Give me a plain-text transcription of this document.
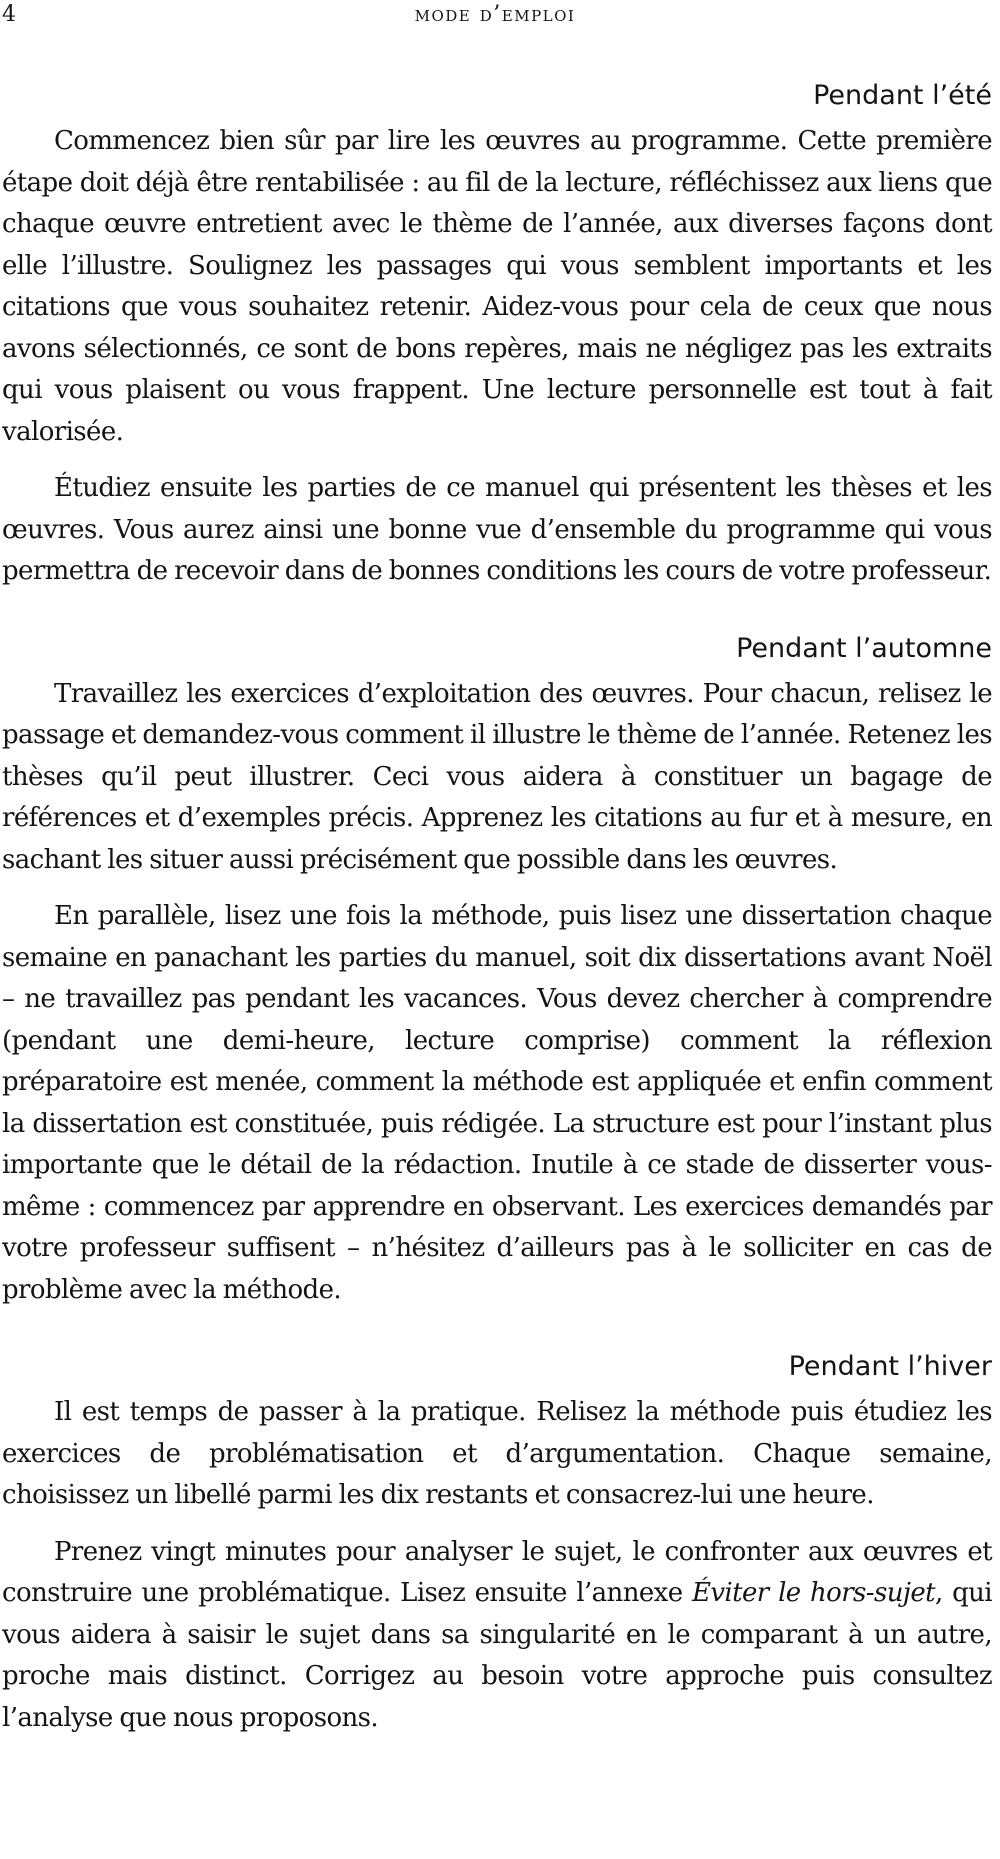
4	mode d’emploi
Pendant l’été

Commencez bien sûr par lire les œuvres au programme. Cette première étape doit déjà être rentabilisée : au fil de la lecture, réfléchissez aux liens que chaque œuvre entretient avec le thème de l’année, aux diverses façons dont elle l’illustre. Soulignez les passages qui vous semblent importants et les citations que vous souhaitez retenir. Aidez-vous pour cela de ceux que nous avons sélectionnés, ce sont de bons repères, mais ne négligez pas les extraits qui vous plaisent ou vous frappent. Une lecture personnelle est tout à fait valorisée.

Étudiez ensuite les parties de ce manuel qui présentent les thèses et les œuvres. Vous aurez ainsi une bonne vue d’ensemble du programme qui vous permettra de recevoir dans de bonnes conditions les cours de votre professeur.

Pendant l’automne

Travaillez les exercices d’exploitation des œuvres. Pour chacun, relisez le passage et demandez-vous comment il illustre le thème de l’année. Retenez les thèses qu’il peut illustrer. Ceci vous aidera à constituer un bagage de références et d’exemples précis. Apprenez les citations au fur et à mesure, en sachant les situer aussi précisément que possible dans les œuvres.

En parallèle, lisez une fois la méthode, puis lisez une dissertation chaque semaine en panachant les parties du manuel, soit dix dissertations avant Noël – ne travaillez pas pendant les vacances. Vous devez chercher à comprendre (pendant une demi-heure, lecture comprise) comment la réflexion préparatoire est menée, comment la méthode est appliquée et enfin comment la dissertation est constituée, puis rédigée. La structure est pour l’instant plus importante que le détail de la rédaction. Inutile à ce stade de disserter vous-même : commencez par apprendre en observant. Les exercices demandés par votre professeur suffisent – n’hésitez d’ailleurs pas à le solliciter en cas de problème avec la méthode.

Pendant l’hiver

Il est temps de passer à la pratique. Relisez la méthode puis étudiez les exercices de problématisation et d’argumentation. Chaque semaine, choisissez un libellé parmi les dix restants et consacrez-lui une heure.

Prenez vingt minutes pour analyser le sujet, le confronter aux œuvres et construire une problématique. Lisez ensuite l’annexe Éviter le hors-sujet, qui vous aidera à saisir le sujet dans sa singularité en le comparant à un autre, proche mais distinct. Corrigez au besoin votre approche puis consultez l’analyse que nous proposons.
